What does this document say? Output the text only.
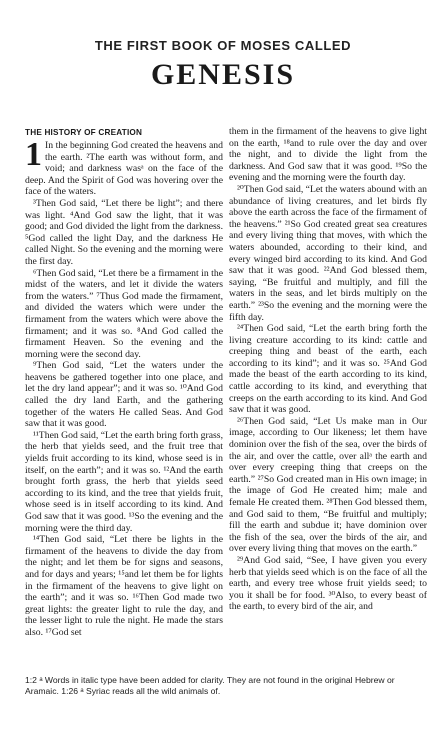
THE FIRST BOOK OF MOSES CALLED
GENESIS
THE HISTORY OF CREATION

1 In the beginning God created the heavens and the earth. ²The earth was without form, and void; and darkness wasᵃ on the face of the deep. And the Spirit of God was hovering over the face of the waters.

³Then God said, “Let there be light”; and there was light. ⁴And God saw the light, that it was good; and God divided the light from the darkness. ⁵God called the light Day, and the darkness He called Night. So the evening and the morning were the first day.

⁶Then God said, “Let there be a firmament in the midst of the waters, and let it divide the waters from the waters.” ⁷Thus God made the firmament, and divided the waters which were under the firmament from the waters which were above the firmament; and it was so. ⁸And God called the firmament Heaven. So the evening and the morning were the second day.

⁹Then God said, “Let the waters under the heavens be gathered together into one place, and let the dry land appear”; and it was so. ¹⁰And God called the dry land Earth, and the gathering together of the waters He called Seas. And God saw that it was good.

¹¹Then God said, “Let the earth bring forth grass, the herb that yields seed, and the fruit tree that yields fruit according to its kind, whose seed is in itself, on the earth”; and it was so. ¹²And the earth brought forth grass, the herb that yields seed according to its kind, and the tree that yields fruit, whose seed is in itself according to its kind. And God saw that it was good. ¹³So the evening and the morning were the third day.

¹⁴Then God said, “Let there be lights in the firmament of the heavens to divide the day from the night; and let them be for signs and seasons, and for days and years; ¹⁵and let them be for lights in the firmament of the heavens to give light on the earth”; and it was so. ¹⁶Then God made two great lights: the greater light to rule the day, and the lesser light to rule the night. He made the stars also. ¹⁷God set

them in the firmament of the heavens to give light on the earth, ¹⁸and to rule over the day and over the night, and to divide the light from the darkness. And God saw that it was good. ¹⁹So the evening and the morning were the fourth day.

²⁰Then God said, “Let the waters abound with an abundance of living creatures, and let birds fly above the earth across the face of the firmament of the heavens.” ²¹So God created great sea creatures and every living thing that moves, with which the waters abounded, according to their kind, and every winged bird according to its kind. And God saw that it was good. ²²And God blessed them, saying, “Be fruitful and multiply, and fill the waters in the seas, and let birds multiply on the earth.” ²³So the evening and the morning were the fifth day.

²⁴Then God said, “Let the earth bring forth the living creature according to its kind: cattle and creeping thing and beast of the earth, each according to its kind”; and it was so. ²⁵And God made the beast of the earth according to its kind, cattle according to its kind, and everything that creeps on the earth according to its kind. And God saw that it was good.

²⁶Then God said, “Let Us make man in Our image, according to Our likeness; let them have dominion over the fish of the sea, over the birds of the air, and over the cattle, over allᵃ the earth and over every creeping thing that creeps on the earth.” ²⁷So God created man in His own image; in the image of God He created him; male and female He created them. ²⁸Then God blessed them, and God said to them, “Be fruitful and multiply; fill the earth and subdue it; have dominion over the fish of the sea, over the birds of the air, and over every living thing that moves on the earth.”

²⁹And God said, “See, I have given you every herb that yields seed which is on the face of all the earth, and every tree whose fruit yields seed; to you it shall be for food. ³⁰Also, to every beast of the earth, to every bird of the air, and

1:2 ᵃ Words in italic type have been added for clarity. They are not found in the original Hebrew or Aramaic. 1:26 ᵃ Syriac reads all the wild animals of.
